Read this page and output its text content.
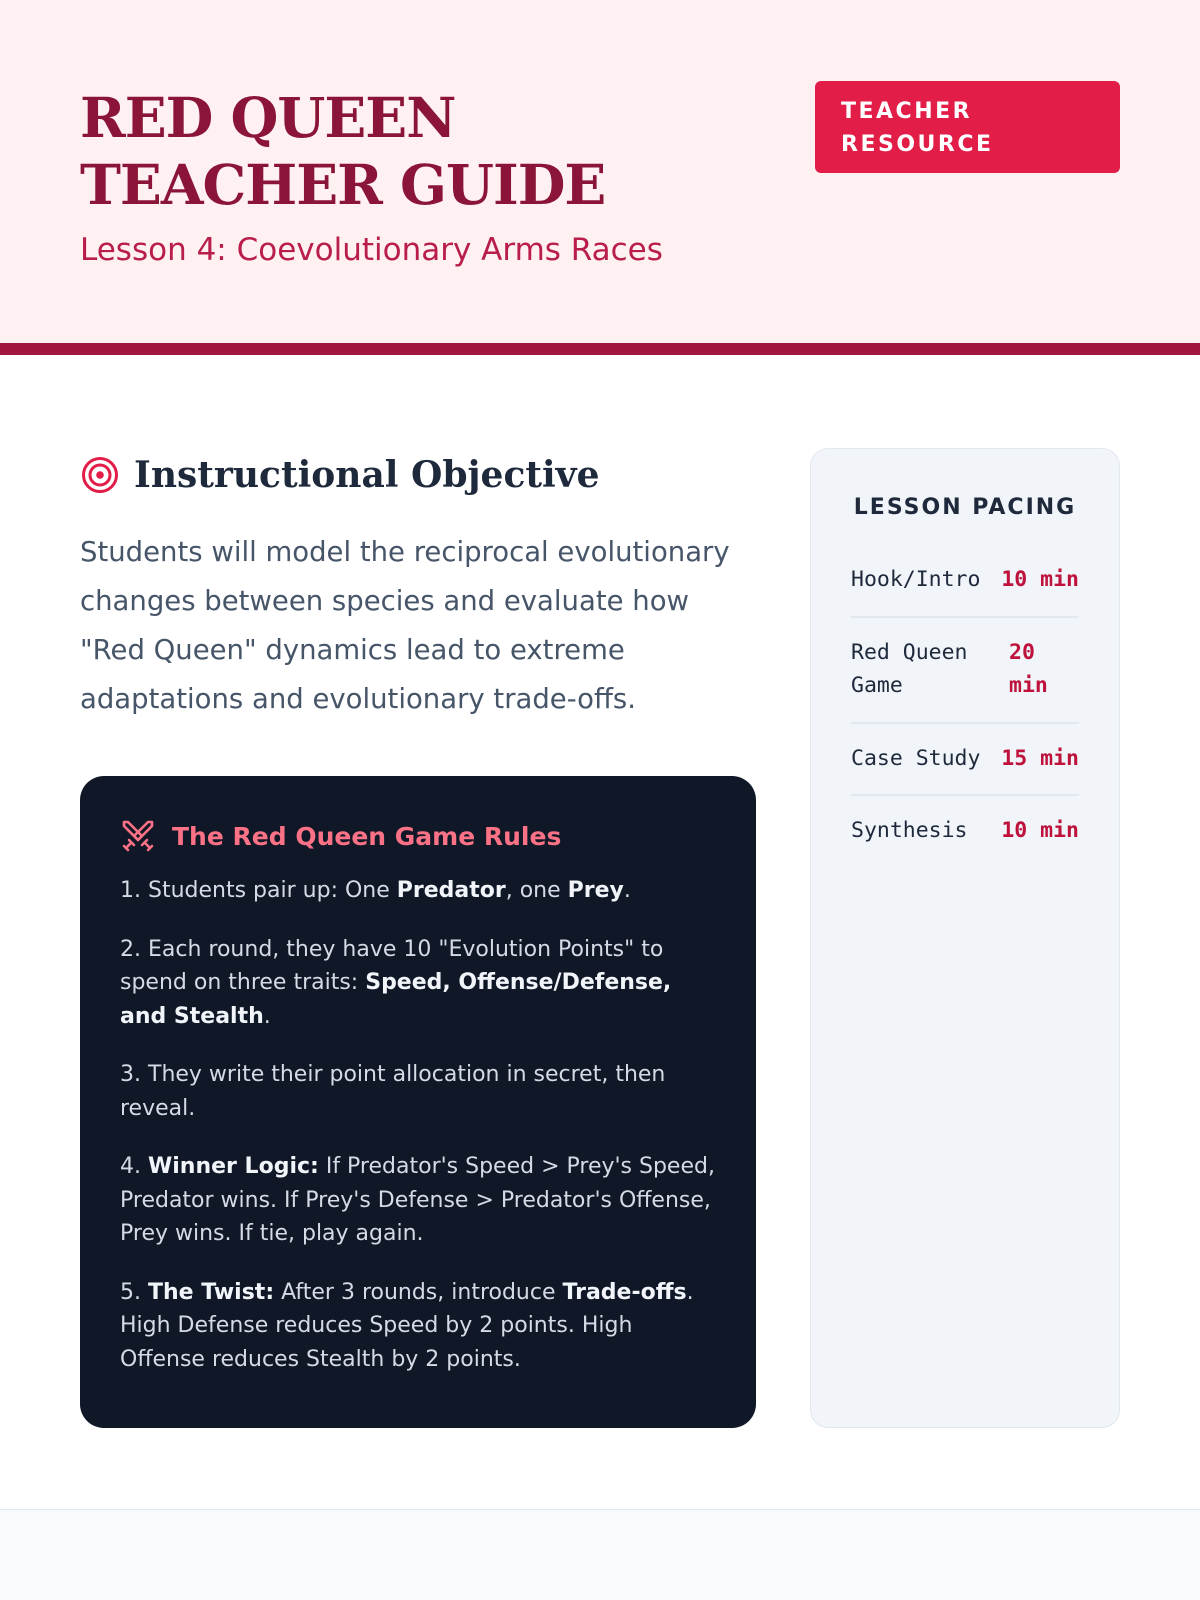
RED QUEEN TEACHER GUIDE
Lesson 4: Coevolutionary Arms Races
TEACHER RESOURCE
Instructional Objective

Students will model the reciprocal evolutionary changes between species and evaluate how "Red Queen" dynamics lead to extreme adaptations and evolutionary trade-offs.

The Red Queen Game Rules

1. Students pair up: One Predator, one Prey.

2. Each round, they have 10 "Evolution Points" to spend on three traits: Speed, Offense/Defense, and Stealth.

3. They write their point allocation in secret, then reveal.

4. Winner Logic: If Predator's Speed > Prey's Speed, Predator wins. If Prey's Defense > Predator's Offense, Prey wins. If tie, play again.

5. The Twist: After 3 rounds, introduce Trade-offs. High Defense reduces Speed by 2 points. High Offense reduces Stealth by 2 points.

LESSON PACING
Hook/Intro 10 min
Red Queen Game
20 min
Case Study 15 min
Synthesis 10 min
